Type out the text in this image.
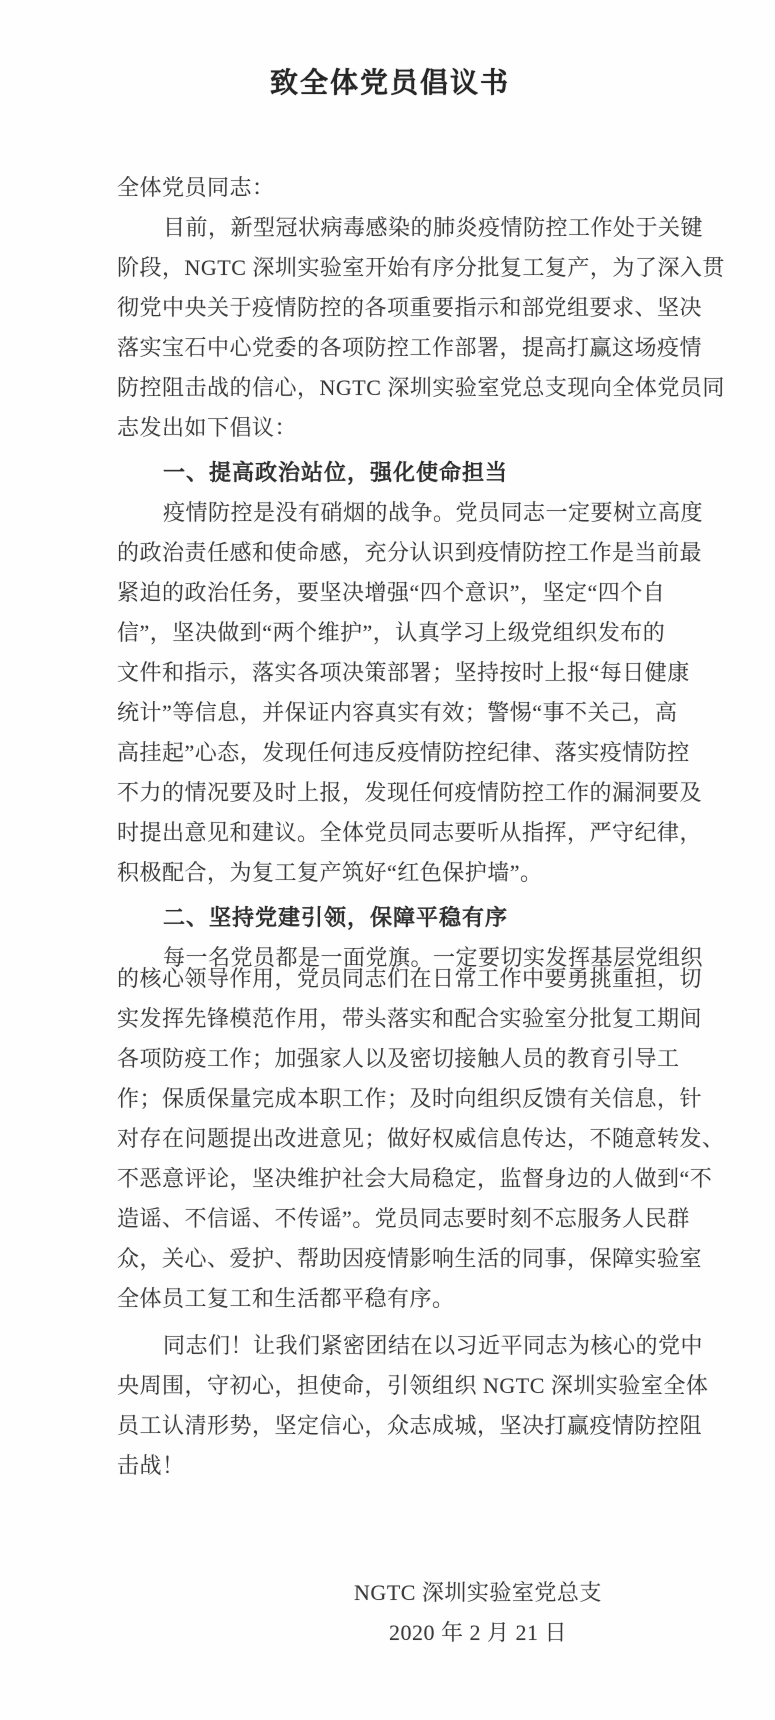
致全体党员倡议书
全体党员同志：
目前，新型冠状病毒感染的肺炎疫情防控工作处于关键
阶段，NGTC 深圳实验室开始有序分批复工复产，为了深入贯
彻党中央关于疫情防控的各项重要指示和部党组要求、坚决
落实宝石中心党委的各项防控工作部署，提高打赢这场疫情
防控阻击战的信心，NGTC 深圳实验室党总支现向全体党员同
志发出如下倡议：
一、提高政治站位，强化使命担当
疫情防控是没有硝烟的战争。党员同志一定要树立高度
的政治责任感和使命感，充分认识到疫情防控工作是当前最
紧迫的政治任务，要坚决增强“四个意识”，坚定“四个自
信”，坚决做到“两个维护”，认真学习上级党组织发布的
文件和指示，落实各项决策部署；坚持按时上报“每日健康
统计”等信息，并保证内容真实有效；警惕“事不关己，高
高挂起”心态，发现任何违反疫情防控纪律、落实疫情防控
不力的情况要及时上报，发现任何疫情防控工作的漏洞要及
时提出意见和建议。全体党员同志要听从指挥，严守纪律，
积极配合，为复工复产筑好“红色保护墙”。
二、坚持党建引领，保障平稳有序
每一名党员都是一面党旗。一定要切实发挥基层党组织
的核心领导作用，党员同志们在日常工作中要勇挑重担，切
实发挥先锋模范作用，带头落实和配合实验室分批复工期间
各项防疫工作；加强家人以及密切接触人员的教育引导工
作；保质保量完成本职工作；及时向组织反馈有关信息，针
对存在问题提出改进意见；做好权威信息传达，不随意转发、
不恶意评论，坚决维护社会大局稳定，监督身边的人做到“不
造谣、不信谣、不传谣”。党员同志要时刻不忘服务人民群
众，关心、爱护、帮助因疫情影响生活的同事，保障实验室
全体员工复工和生活都平稳有序。
同志们！让我们紧密团结在以习近平同志为核心的党中
央周围，守初心，担使命，引领组织 NGTC 深圳实验室全体
员工认清形势，坚定信心，众志成城，坚决打赢疫情防控阻
击战！
NGTC 深圳实验室党总支
2020 年 2 月 21 日
